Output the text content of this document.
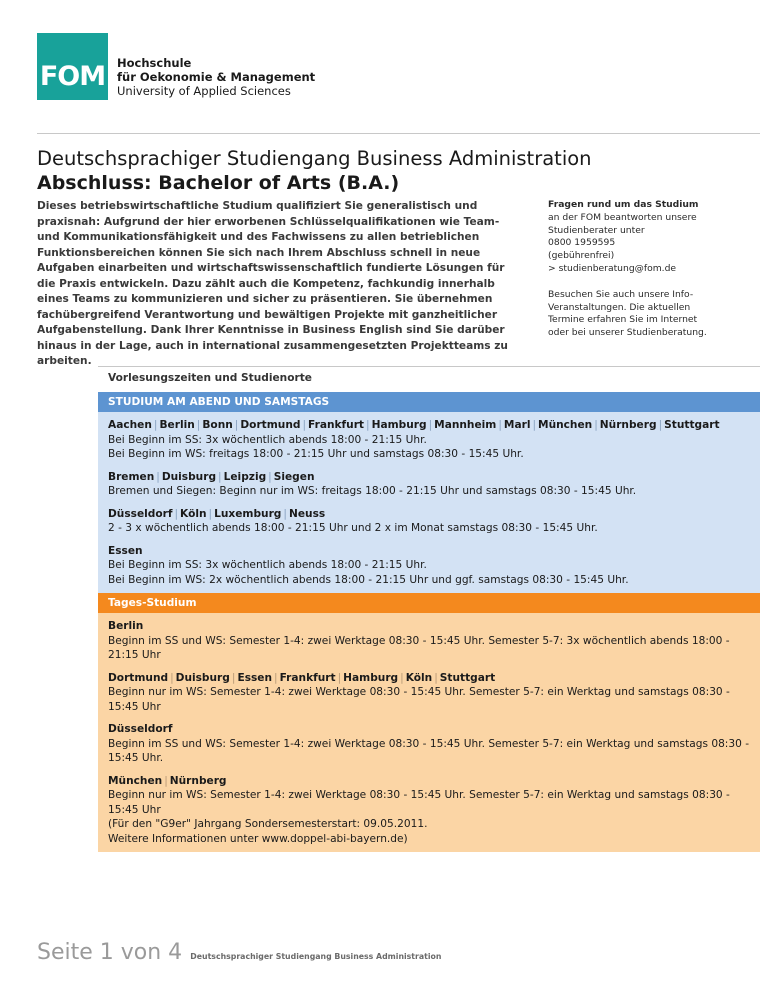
FOM Hochschule
für Oekonomie & Management
University of Applied Sciences
Deutschsprachiger Studiengang Business Administration
Abschluss: Bachelor of Arts (B.A.)
Dieses betriebswirtschaftliche Studium qualifiziert Sie generalistisch und praxisnah: Aufgrund der hier erworbenen Schlüsselqualifikationen wie Team- und Kommunikationsfähigkeit und des Fachwissens zu allen betrieblichen Funktionsbereichen können Sie sich nach Ihrem Abschluss schnell in neue Aufgaben einarbeiten und wirtschaftswissenschaftlich fundierte Lösungen für die Praxis entwickeln. Dazu zählt auch die Kompetenz, fachkundig innerhalb eines Teams zu kommunizieren und sicher zu präsentieren. Sie übernehmen fachübergreifend Verantwortung und bewältigen Projekte mit ganzheitlicher Aufgabenstellung. Dank Ihrer Kenntnisse in Business English sind Sie darüber hinaus in der Lage, auch in international zusammengesetzten Projektteams zu arbeiten.

Fragen rund um das Studium

an der FOM beantworten unsere

Studienberater unter

0800 1959595

(gebührenfrei)

> studienberatung@fom.de

Besuchen Sie auch unsere Info-

Veranstaltungen. Die aktuellen

Termine erfahren Sie im Internet

oder bei unserer Studienberatung.

Vorlesungszeiten und Studienorte
STUDIUM AM ABEND UND SAMSTAGS
Aachen | Berlin | Bonn | Dortmund | Frankfurt | Hamburg | Mannheim | Marl | München | Nürnberg | Stuttgart
Bei Beginn im SS: 3x wöchentlich abends 18:00 - 21:15 Uhr.
Bei Beginn im WS: freitags 18:00 - 21:15 Uhr und samstags 08:30 - 15:45 Uhr.
Bremen | Duisburg | Leipzig | Siegen
Bremen und Siegen: Beginn nur im WS: freitags 18:00 - 21:15 Uhr und samstags 08:30 - 15:45 Uhr.
Düsseldorf | Köln | Luxemburg | Neuss
2 - 3 x wöchentlich abends 18:00 - 21:15 Uhr und 2 x im Monat samstags 08:30 - 15:45 Uhr.
Essen
Bei Beginn im SS: 3x wöchentlich abends 18:00 - 21:15 Uhr.
Bei Beginn im WS: 2x wöchentlich abends 18:00 - 21:15 Uhr und ggf. samstags 08:30 - 15:45 Uhr.
Tages-Studium
Berlin
Beginn im SS und WS: Semester 1-4: zwei Werktage 08:30 - 15:45 Uhr. Semester 5-7: 3x wöchentlich abends 18:00 - 21:15 Uhr
Dortmund | Duisburg | Essen | Frankfurt | Hamburg | Köln | Stuttgart
Beginn nur im WS: Semester 1-4: zwei Werktage 08:30 - 15:45 Uhr. Semester 5-7: ein Werktag und samstags 08:30 - 15:45 Uhr
Düsseldorf
Beginn im SS und WS: Semester 1-4: zwei Werktage 08:30 - 15:45 Uhr. Semester 5-7: ein Werktag und samstags 08:30 - 15:45 Uhr.
München | Nürnberg
Beginn nur im WS: Semester 1-4: zwei Werktage 08:30 - 15:45 Uhr. Semester 5-7: ein Werktag und samstags 08:30 - 15:45 Uhr
(Für den "G9er" Jahrgang Sondersemesterstart: 09.05.2011.
Weitere Informationen unter www.doppel-abi-bayern.de)
Seite 1 von 4 Deutschsprachiger Studiengang Business Administration
